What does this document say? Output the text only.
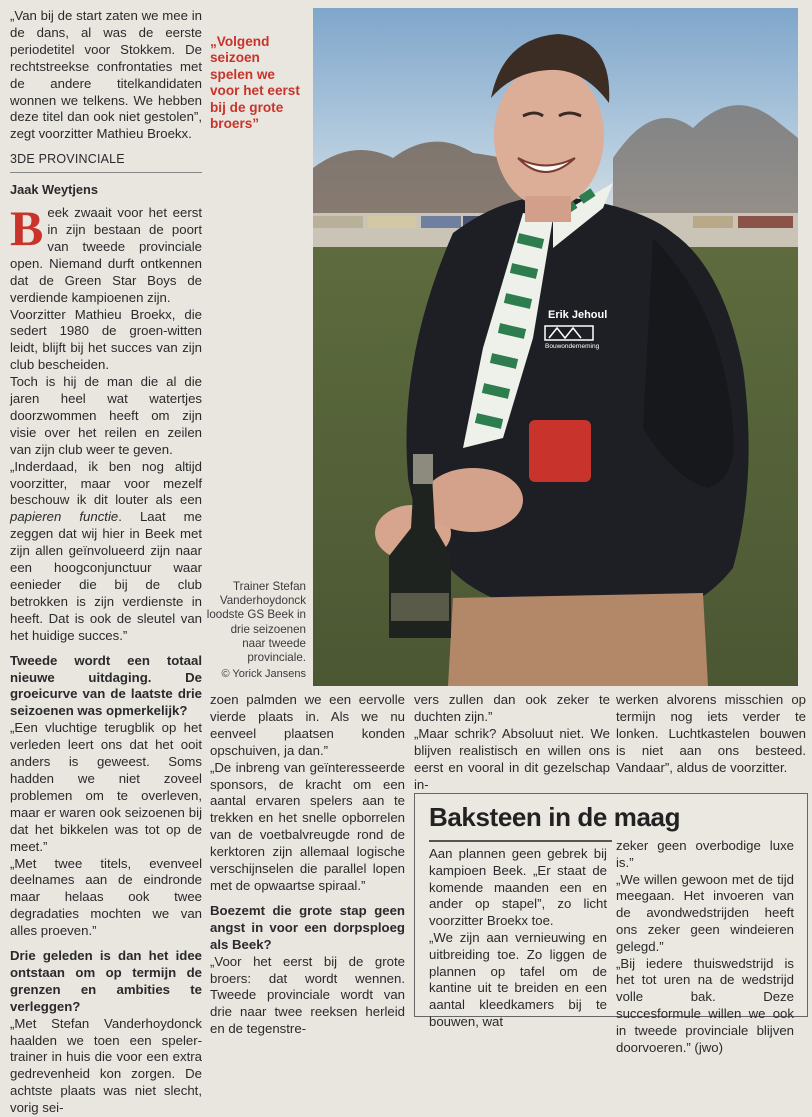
„Van bij de start zaten we mee in de dans, al was de eerste periodetitel voor Stokkem. De rechtstreekse confrontaties met de andere titelkandidaten wonnen we telkens. We hebben deze titel dan ook niet gestolen”, zegt voorzitter Mathieu Broekx.

3DE PROVINCIALE
Jaak Weytjens

Beek zwaait voor het eerst in zijn bestaan de poort van tweede provinciale open. Niemand durft ontkennen dat de Green Star Boys de verdiende kampioenen zijn.

Voorzitter Mathieu Broekx, die sedert 1980 de groen-witten leidt, blijft bij het succes van zijn club bescheiden.

Toch is hij de man die al die jaren heel wat watertjes doorzwommen heeft om zijn visie over het reilen en zeilen van zijn club weer te geven.

„Inderdaad, ik ben nog altijd voorzitter, maar voor mezelf beschouw ik dit louter als een papieren functie. Laat me zeggen dat wij hier in Beek met zijn allen geïnvolueerd zijn naar een hoogconjunctuur waar eenieder die bij de club betrokken is zijn verdienste in heeft. Dat is ook de sleutel van het huidige succes.”

Tweede wordt een totaal nieuwe uitdaging. De groeicurve van de laatste drie seizoenen was opmerkelijk?

„Een vluchtige terugblik op het verleden leert ons dat het ooit anders is geweest. Soms hadden we niet zoveel problemen om te overleven, maar er waren ook seizoenen bij dat het bikkelen was tot op de meet.”

„Met twee titels, evenveel deelnames aan de eindronde maar helaas ook twee degradaties mochten we van alles proeven.”

Drie geleden is dan het idee ontstaan om op termijn de grenzen en ambities te verleggen?

„Met Stefan Vanderhoydonck haalden we toen een speler-trainer in huis die voor een extra gedrevenheid kon zorgen. De achtste plaats was niet slecht, vorig sei-

„Volgend seizoen spelen we voor het eerst bij de grote broers”
Erik Jehoul
Bouwonderneming
Trainer Stefan Vanderhoydonck loodste GS Beek in drie seizoenen naar tweede provinciale.
© Yorick Jansens

zoen palmden we een eervolle vierde plaats in. Als we nu eenveel plaatsen konden opschuiven, ja dan.”

„De inbreng van geïnteresseerde sponsors, de kracht om een aantal ervaren spelers aan te trekken en het snelle opborrelen van de voetbalvreugde rond de kerktoren zijn allemaal logische verschijnselen die parallel lopen met de opwaartse spiraal.”

Boezemt die grote stap geen angst in voor een dorpsploeg als Beek?

„Voor het eerst bij de grote broers: dat wordt wennen. Tweede provinciale wordt van drie naar twee reeksen herleid en de tegenstre-

vers zullen dan ook zeker te duchten zijn.”

„Maar schrik? Absoluut niet. We blijven realistisch en willen ons eerst en vooral in dit gezelschap in-

werken alvorens misschien op termijn nog iets verder te lonken. Luchtkastelen bouwen is niet aan ons besteed. Vandaar”, aldus de voorzitter.

Baksteen in de maag

Aan plannen geen gebrek bij kampioen Beek. „Er staat de komende maanden een en ander op stapel”, zo licht voorzitter Broekx toe.

„We zijn aan vernieuwing en uitbreiding toe. Zo liggen de plannen op tafel om de kantine uit te breiden en een aantal kleedkamers bij te bouwen, wat

zeker geen overbodige luxe is.”

„We willen gewoon met de tijd meegaan. Het invoeren van de avondwedstrijden heeft ons zeker geen windeieren gelegd.”

„Bij iedere thuiswedstrijd is het tot uren na de wedstrijd volle bak. Deze succesformule willen we ook in tweede provinciale blijven doorvoeren.” (jwo)
